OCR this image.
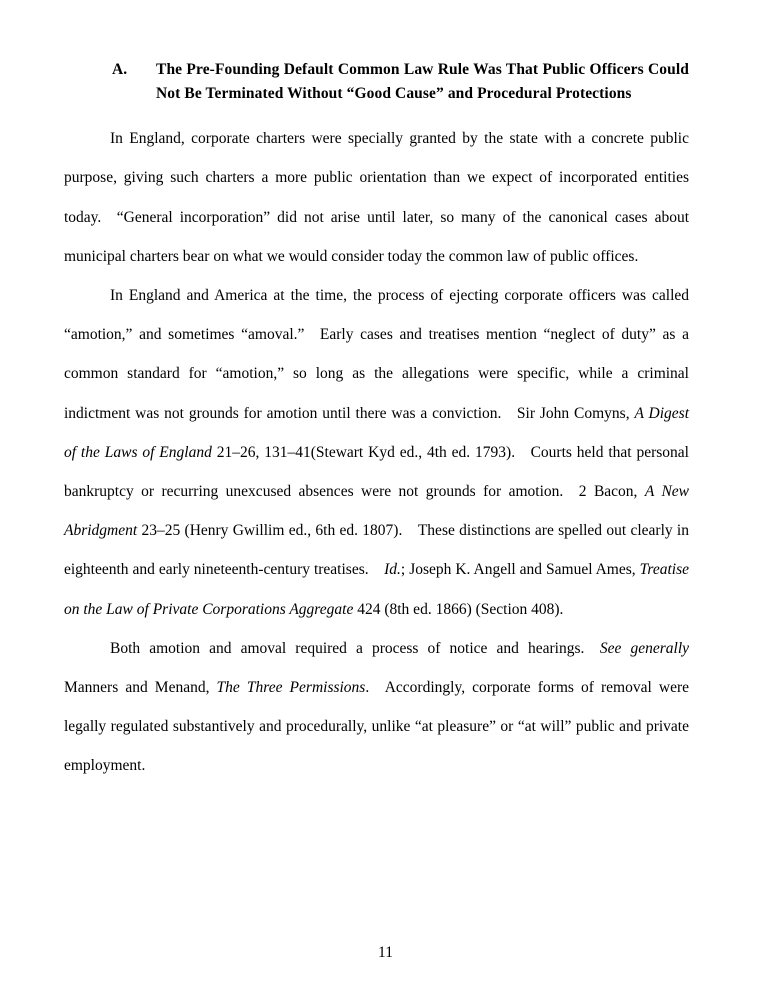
A.	The Pre-Founding Default Common Law Rule Was That Public Officers Could Not Be Terminated Without “Good Cause” and Procedural Protections

In England, corporate charters were specially granted by the state with a concrete public purpose, giving such charters a more public orientation than we expect of incorporated entities today. “General incorporation” did not arise until later, so many of the canonical cases about municipal charters bear on what we would consider today the common law of public offices.

In England and America at the time, the process of ejecting corporate officers was called “amotion,” and sometimes “amoval.” Early cases and treatises mention “neglect of duty” as a common standard for “amotion,” so long as the allegations were specific, while a criminal indictment was not grounds for amotion until there was a conviction. Sir John Comyns, A Digest of the Laws of England 21–26, 131–41(Stewart Kyd ed., 4th ed. 1793). Courts held that personal bankruptcy or recurring unexcused absences were not grounds for amotion. 2 Bacon, A New Abridgment 23–25 (Henry Gwillim ed., 6th ed. 1807). These distinctions are spelled out clearly in eighteenth and early nineteenth-century treatises. Id.; Joseph K. Angell and Samuel Ames, Treatise on the Law of Private Corporations Aggregate 424 (8th ed. 1866) (Section 408).

Both amotion and amoval required a process of notice and hearings. See generally Manners and Menand, The Three Permissions. Accordingly, corporate forms of removal were legally regulated substantively and procedurally, unlike “at pleasure” or “at will” public and private employment.

11
